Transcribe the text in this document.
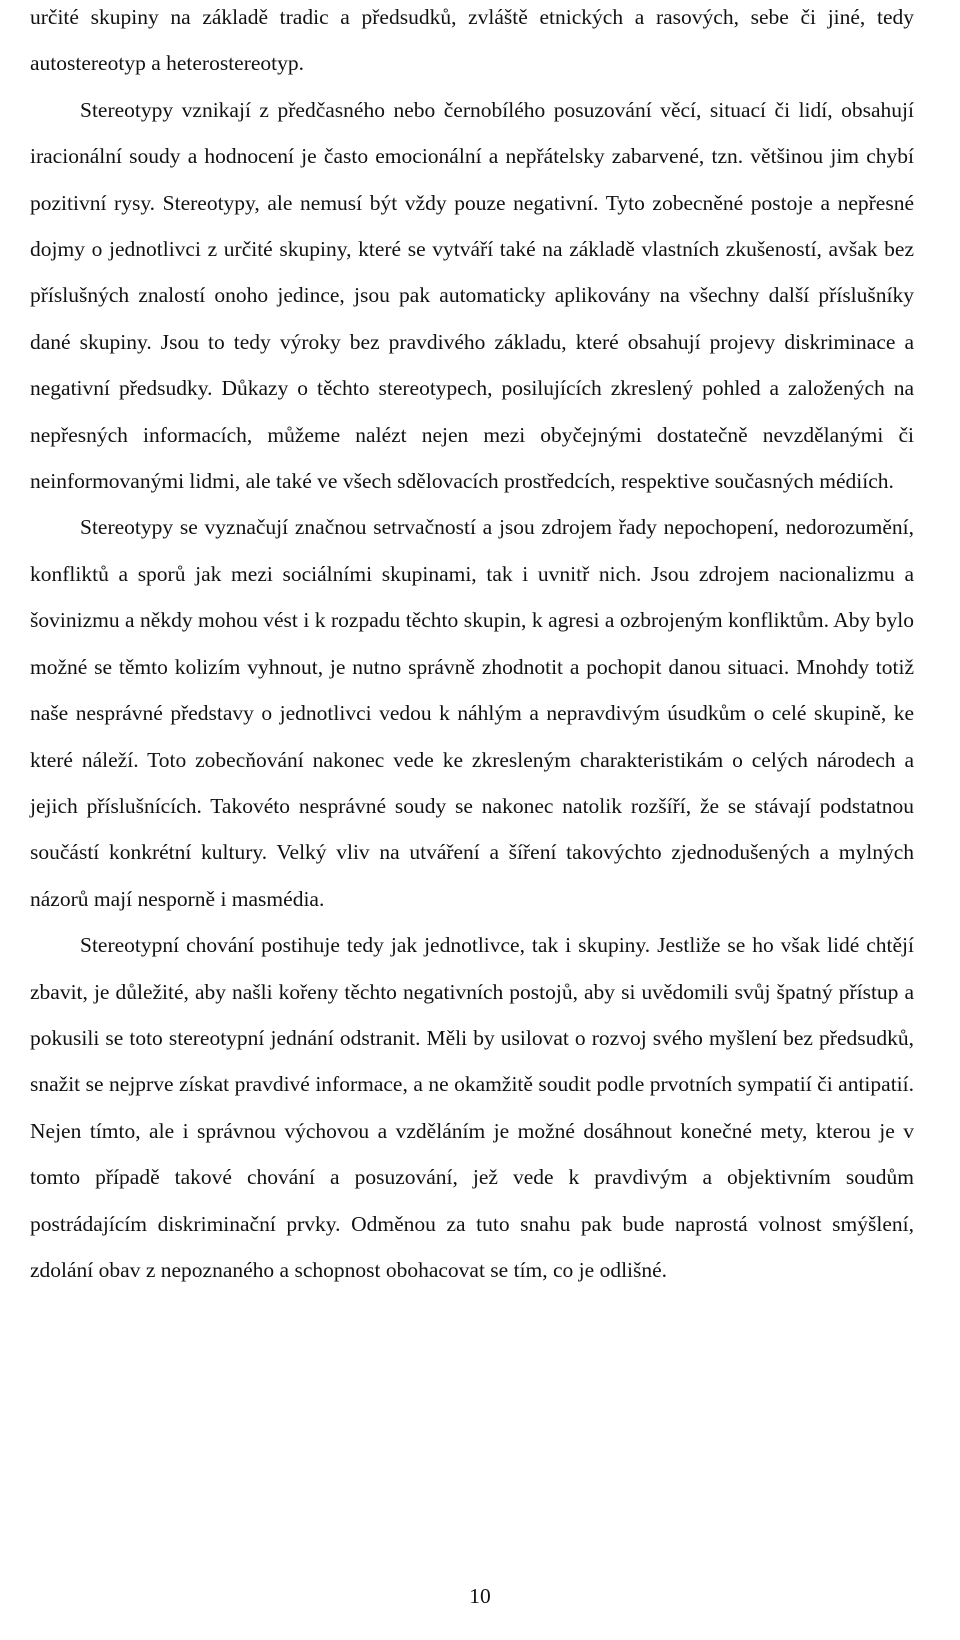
určité skupiny na základě tradic a předsudků, zvláště etnických a rasových, sebe či jiné, tedy autostereotyp a heterostereotyp.

Stereotypy vznikají z předčasného nebo černobílého posuzování věcí, situací či lidí, obsahují iracionální soudy a hodnocení je často emocionální a nepřátelsky zabarvené, tzn. většinou jim chybí pozitivní rysy. Stereotypy, ale nemusí být vždy pouze negativní. Tyto zobecněné postoje a nepřesné dojmy o jednotlivci z určité skupiny, které se vytváří také na základě vlastních zkušeností, avšak bez příslušných znalostí onoho jedince, jsou pak automaticky aplikovány na všechny další příslušníky dané skupiny. Jsou to tedy výroky bez pravdivého základu, které obsahují projevy diskriminace a negativní předsudky. Důkazy o těchto stereotypech, posilujících zkreslený pohled a založených na nepřesných informacích, můžeme nalézt nejen mezi obyčejnými dostatečně nevzdělanými či neinformovanými lidmi, ale také ve všech sdělovacích prostředcích, respektive současných médiích.

Stereotypy se vyznačují značnou setrvačností a jsou zdrojem řady nepochopení, nedorozumění, konfliktů a sporů jak mezi sociálními skupinami, tak i uvnitř nich. Jsou zdrojem nacionalizmu a šovinizmu a někdy mohou vést i k rozpadu těchto skupin, k agresi a ozbrojeným konfliktům. Aby bylo možné se těmto kolizím vyhnout, je nutno správně zhodnotit a pochopit danou situaci. Mnohdy totiž naše nesprávné představy o jednotlivci vedou k náhlým a nepravdivým úsudkům o celé skupině, ke které náleží. Toto zobecňování nakonec vede ke zkresleným charakteristikám o celých národech a jejich příslušnících. Takovéto nesprávné soudy se nakonec natolik rozšíří, že se stávají podstatnou součástí konkrétní kultury. Velký vliv na utváření a šíření takovýchto zjednodušených a mylných názorů mají nesporně i masmédia.

Stereotypní chování postihuje tedy jak jednotlivce, tak i skupiny. Jestliže se ho však lidé chtějí zbavit, je důležité, aby našli kořeny těchto negativních postojů, aby si uvědomili svůj špatný přístup a pokusili se toto stereotypní jednání odstranit. Měli by usilovat o rozvoj svého myšlení bez předsudků, snažit se nejprve získat pravdivé informace, a ne okamžitě soudit podle prvotních sympatií či antipatií. Nejen tímto, ale i správnou výchovou a vzděláním je možné dosáhnout konečné mety, kterou je v tomto případě takové chování a posuzování, jež vede k pravdivým a objektivním soudům postrádajícím diskriminační prvky. Odměnou za tuto snahu pak bude naprostá volnost smýšlení, zdolání obav z nepoznaného a schopnost obohacovat se tím, co je odlišné.

10
